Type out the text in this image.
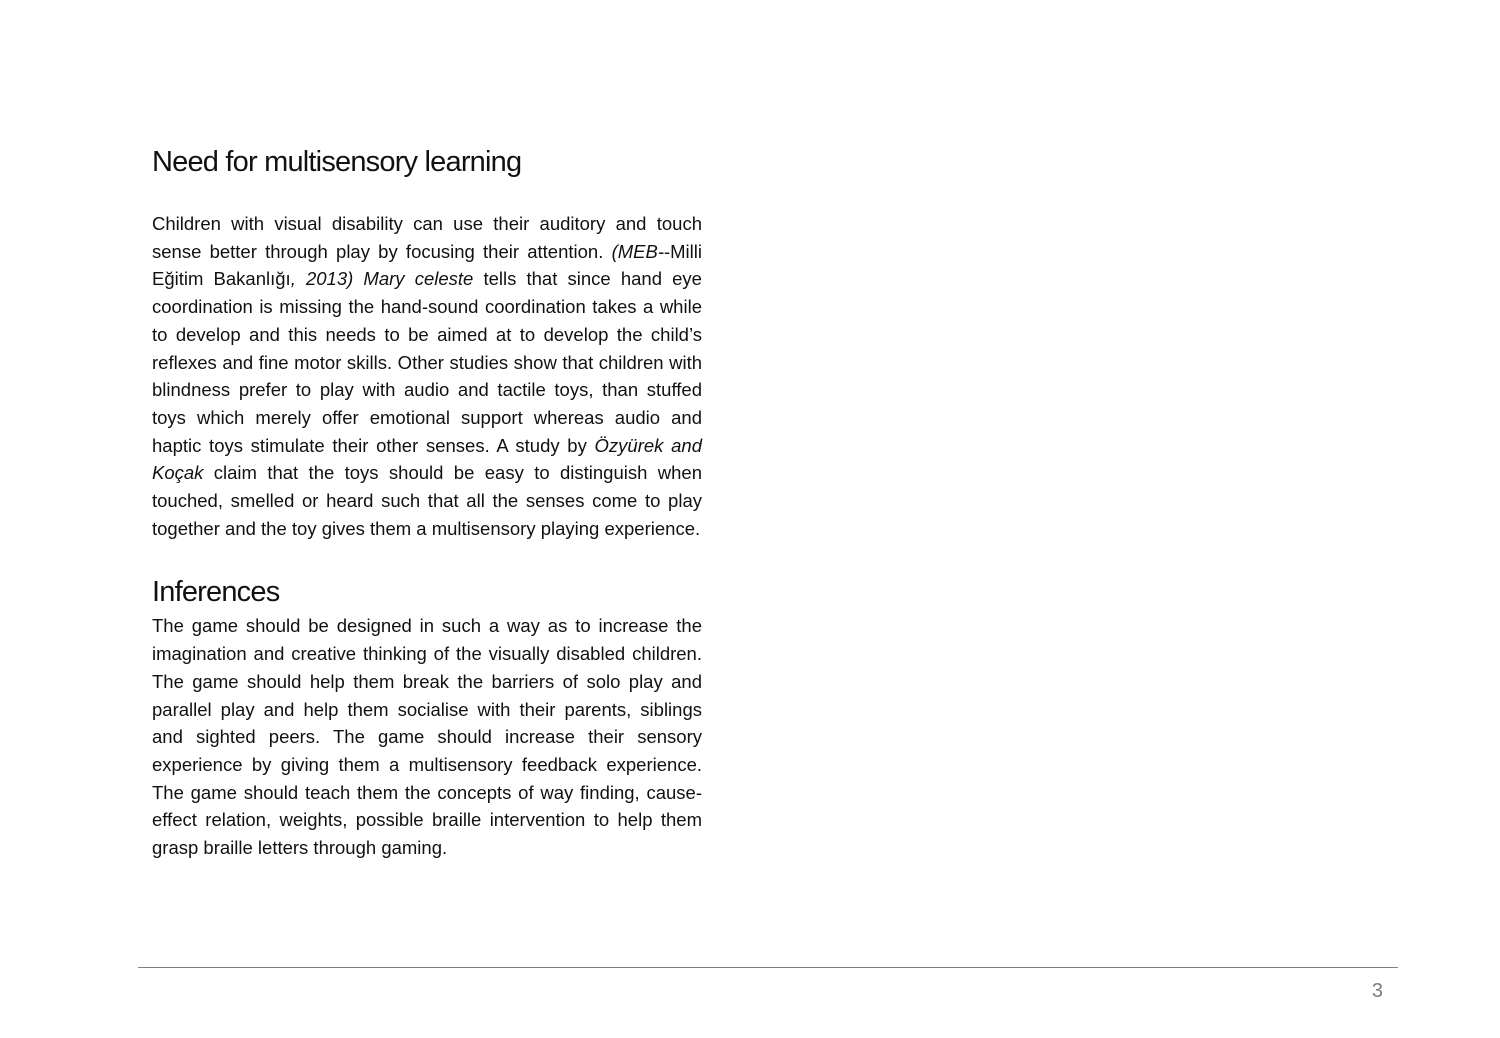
Need for multisensory learning

Children with visual disability can use their auditory and touch sense better through play by focusing their attention. (MEB--Milli Eğitim Bakanlığı, 2013) Mary celeste tells that since hand eye coordination is missing the hand-sound coordination takes a while to develop and this needs to be aimed at to develop the child’s reflexes and fine motor skills. Other studies show that children with blindness prefer to play with audio and tactile toys, than stuffed toys which merely offer emotional support whereas audio and haptic toys stimulate their other senses. A study by Özyürek and Koçak claim that the toys should be easy to distinguish when touched, smelled or heard such that all the senses come to play together and the toy gives them a multisensory playing experience.

Inferences

The game should be designed in such a way as to increase the imagination and creative thinking of the visually disabled children. The game should help them break the barriers of solo play and parallel play and help them socialise with their parents, siblings and sighted peers. The game should increase their sensory experience by giving them a multisensory feedback experience. The game should teach them the concepts of way finding, cause-effect relation, weights, possible braille intervention to help them grasp braille letters through gaming.

3
